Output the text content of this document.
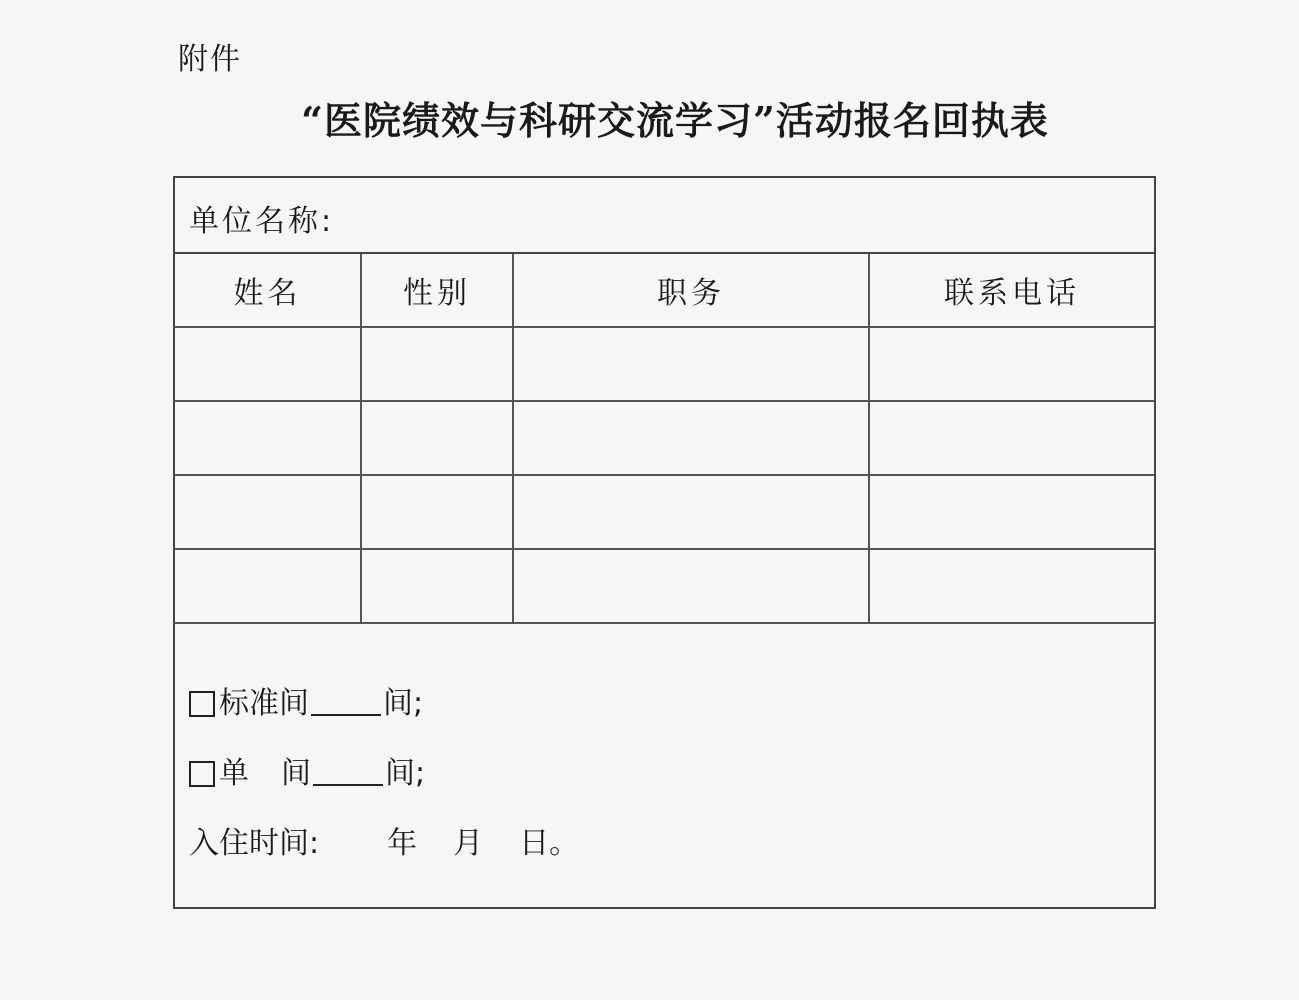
附件
“医院绩效与科研交流学习”活动报名回执表
单位名称:
姓名	性别	职务	联系电话

标准间 间;
单 间 间;
入住时间: 年 月 日。
